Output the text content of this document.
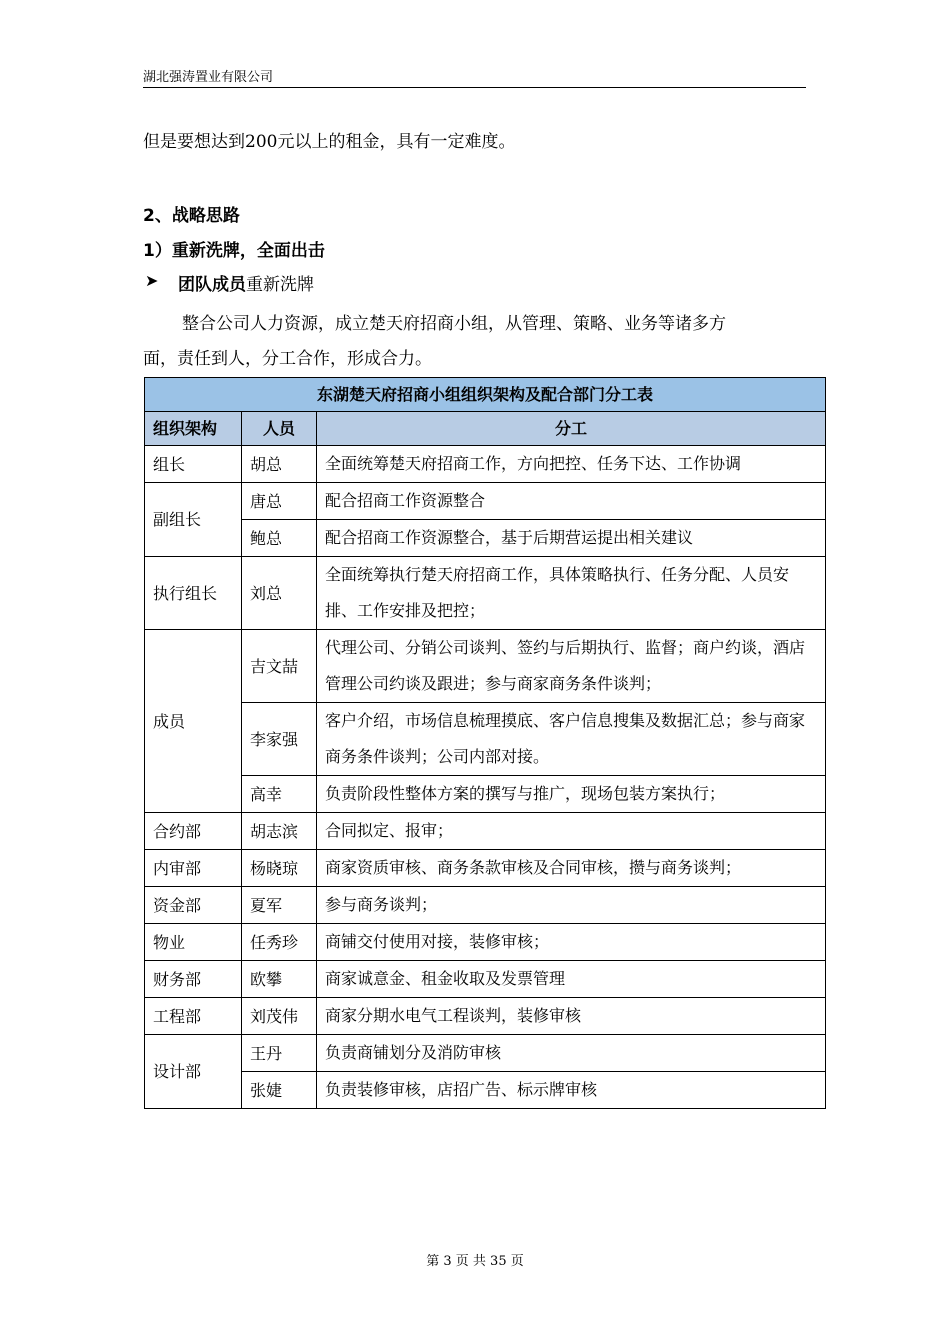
湖北强涛置业有限公司
但是要想达到200元以上的租金，具有一定难度。
2、战略思路
1）重新洗牌，全面出击
➤ 团队成员重新洗牌
整合公司人力资源，成立楚天府招商小组，从管理、策略、业务等诸多方
面，责任到人，分工合作，形成合力。
东湖楚天府招商小组组织架构及配合部门分工表		
组织架构	人员	分工
组长	胡总	全面统筹楚天府招商工作，方向把控、任务下达、工作协调
副组长	唐总	配合招商工作资源整合
	鲍总	配合招商工作资源整合，基于后期营运提出相关建议
执行组长	刘总	全面统筹执行楚天府招商工作，具体策略执行、任务分配、人员安排、工作安排及把控；
成员	吉文喆	代理公司、分销公司谈判、签约与后期执行、监督；商户约谈，酒店管理公司约谈及跟进；参与商家商务条件谈判；
	李家强	客户介绍，市场信息梳理摸底、客户信息搜集及数据汇总；参与商家商务条件谈判；公司内部对接。
	高幸	负责阶段性整体方案的撰写与推广，现场包装方案执行；
合约部	胡志滨	合同拟定、报审；
内审部	杨晓琼	商家资质审核、商务条款审核及合同审核，攒与商务谈判；
资金部	夏军	参与商务谈判；
物业	任秀珍	商铺交付使用对接，装修审核；
财务部	欧攀	商家诚意金、租金收取及发票管理
工程部	刘茂伟	商家分期水电气工程谈判，装修审核
设计部	王丹	负责商铺划分及消防审核
	张婕	负责装修审核，店招广告、标示牌审核
第 3 页 共 35 页
